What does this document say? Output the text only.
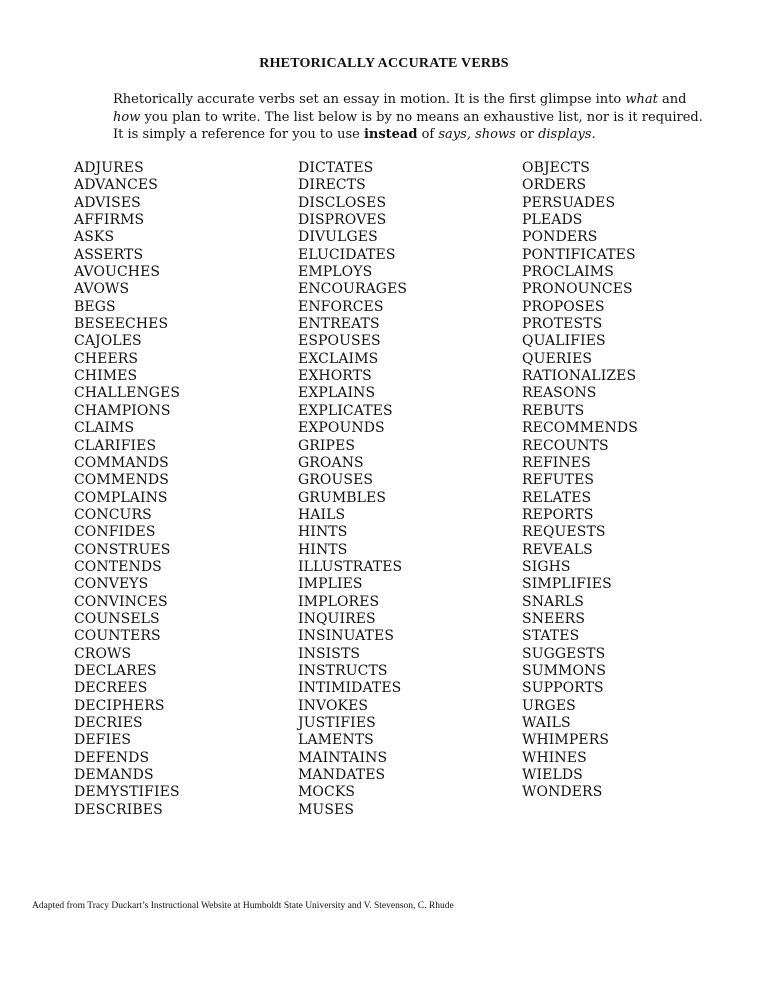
RHETORICALLY ACCURATE VERBS
Rhetorically accurate verbs set an essay in motion. It is the first glimpse into what and
how you plan to write. The list below is by no means an exhaustive list, nor is it required.
It is simply a reference for you to use instead of says, shows or displays.
ADJURES
ADVANCES
ADVISES
AFFIRMS
ASKS
ASSERTS
AVOUCHES
AVOWS
BEGS
BESEECHES
CAJOLES
CHEERS
CHIMES
CHALLENGES
CHAMPIONS
CLAIMS
CLARIFIES
COMMANDS
COMMENDS
COMPLAINS
CONCURS
CONFIDES
CONSTRUES
CONTENDS
CONVEYS
CONVINCES
COUNSELS
COUNTERS
CROWS
DECLARES
DECREES
DECIPHERS
DECRIES
DEFIES
DEFENDS
DEMANDS
DEMYSTIFIES
DESCRIBES
DICTATES
DIRECTS
DISCLOSES
DISPROVES
DIVULGES
ELUCIDATES
EMPLOYS
ENCOURAGES
ENFORCES
ENTREATS
ESPOUSES
EXCLAIMS
EXHORTS
EXPLAINS
EXPLICATES
EXPOUNDS
GRIPES
GROANS
GROUSES
GRUMBLES
HAILS
HINTS
HINTS
ILLUSTRATES
IMPLIES
IMPLORES
INQUIRES
INSINUATES
INSISTS
INSTRUCTS
INTIMIDATES
INVOKES
JUSTIFIES
LAMENTS
MAINTAINS
MANDATES
MOCKS
MUSES
OBJECTS
ORDERS
PERSUADES
PLEADS
PONDERS
PONTIFICATES
PROCLAIMS
PRONOUNCES
PROPOSES
PROTESTS
QUALIFIES
QUERIES
RATIONALIZES
REASONS
REBUTS
RECOMMENDS
RECOUNTS
REFINES
REFUTES
RELATES
REPORTS
REQUESTS
REVEALS
SIGHS
SIMPLIFIES
SNARLS
SNEERS
STATES
SUGGESTS
SUMMONS
SUPPORTS
URGES
WAILS
WHIMPERS
WHINES
WIELDS
WONDERS
Adapted from Tracy Duckart’s Instructional Website at Humboldt State University and V. Stevenson, C. Rhude
